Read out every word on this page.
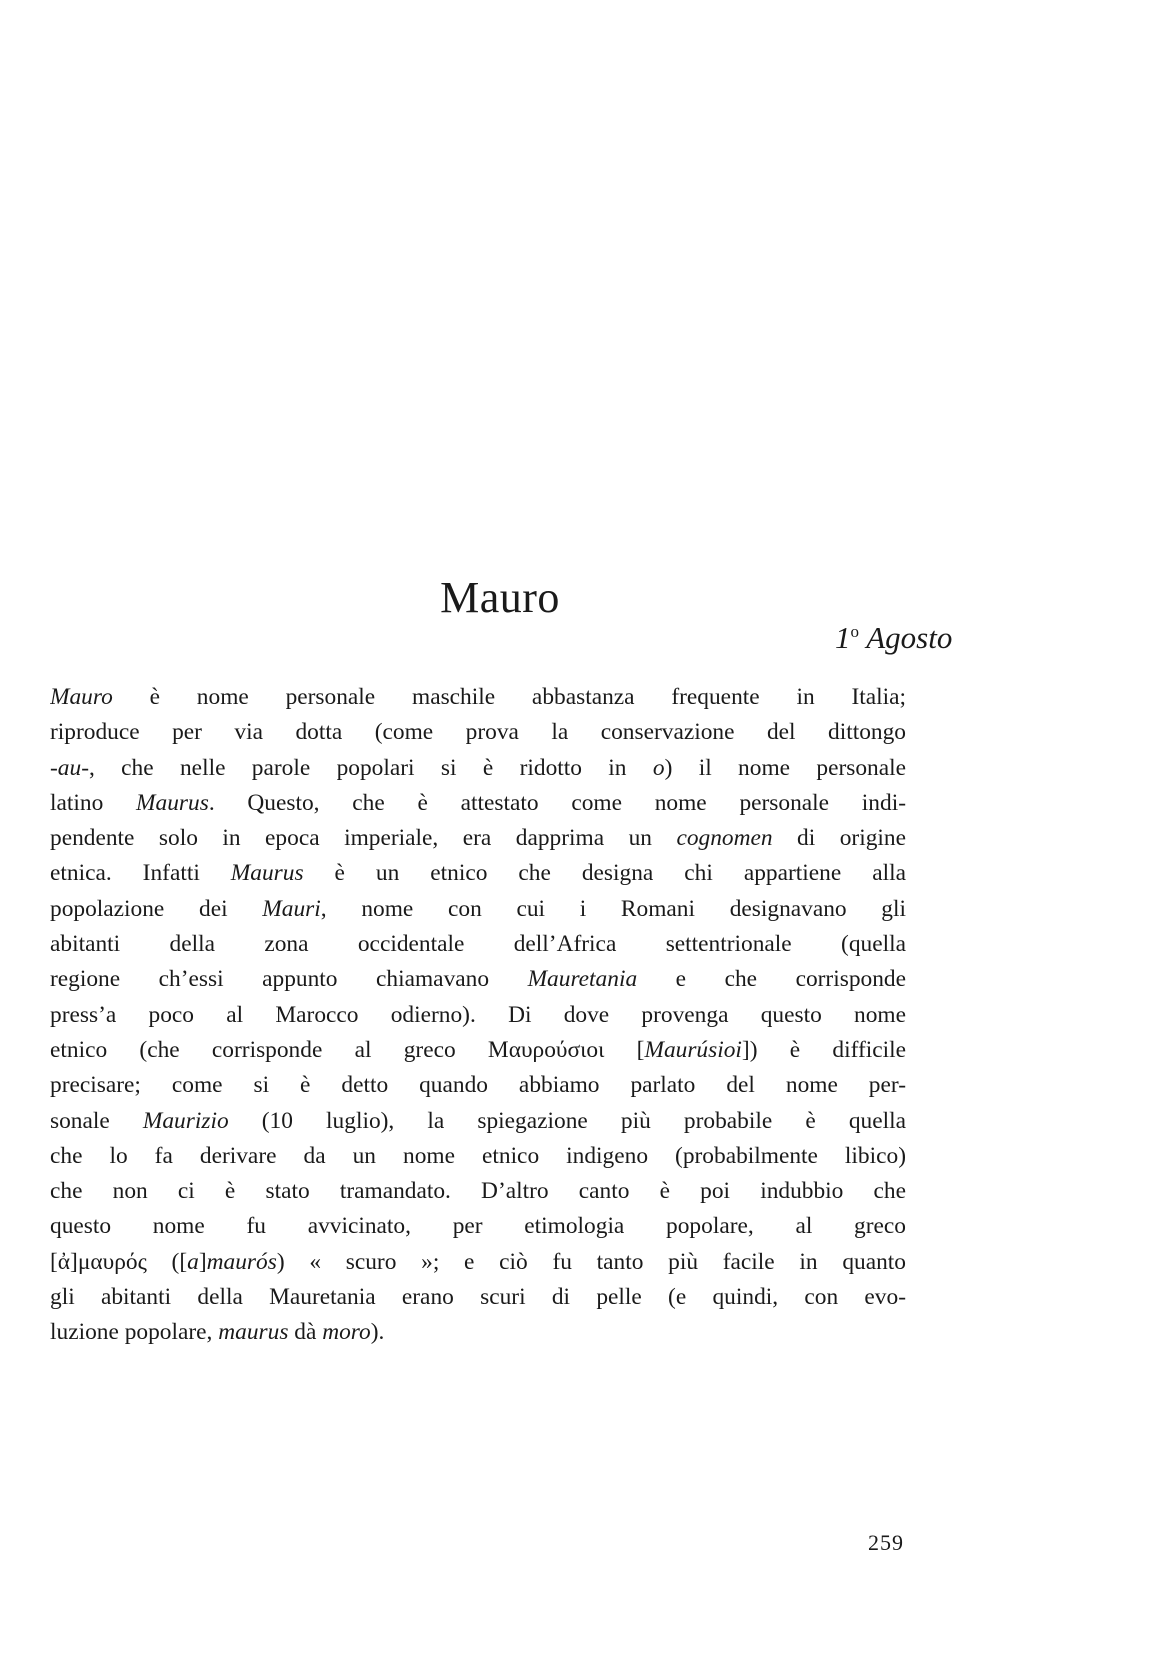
Mauro
1$^o$ Agosto

Mauro è nome personale maschile abbastanza frequente in Italia;
riproduce per via dotta (come prova la conservazione del dittongo
-au-, che nelle parole popolari si è ridotto in o) il nome personale
latino Maurus. Questo, che è attestato come nome personale indi-
pendente solo in epoca imperiale, era dapprima un cognomen di origine
etnica. Infatti Maurus è un etnico che designa chi appartiene alla
popolazione dei Mauri, nome con cui i Romani designavano gli
abitanti della zona occidentale dell’Africa settentrionale (quella
regione ch’essi appunto chiamavano Mauretania e che corrisponde
press’a poco al Marocco odierno). Di dove provenga questo nome
etnico (che corrisponde al greco Μαυρούσιοι [Maurúsioi]) è difficile
precisare; come si è detto quando abbiamo parlato del nome per-
sonale Maurizio (10 luglio), la spiegazione più probabile è quella
che lo fa derivare da un nome etnico indigeno (probabilmente libico)
che non ci è stato tramandato. D’altro canto è poi indubbio che
questo nome fu avvicinato, per etimologia popolare, al greco
[ἀ]μαυρός ([a]maurós) « scuro »; e ciò fu tanto più facile in quanto
gli abitanti della Mauretania erano scuri di pelle (e quindi, con evo-
luzione popolare, maurus dà moro).

259
